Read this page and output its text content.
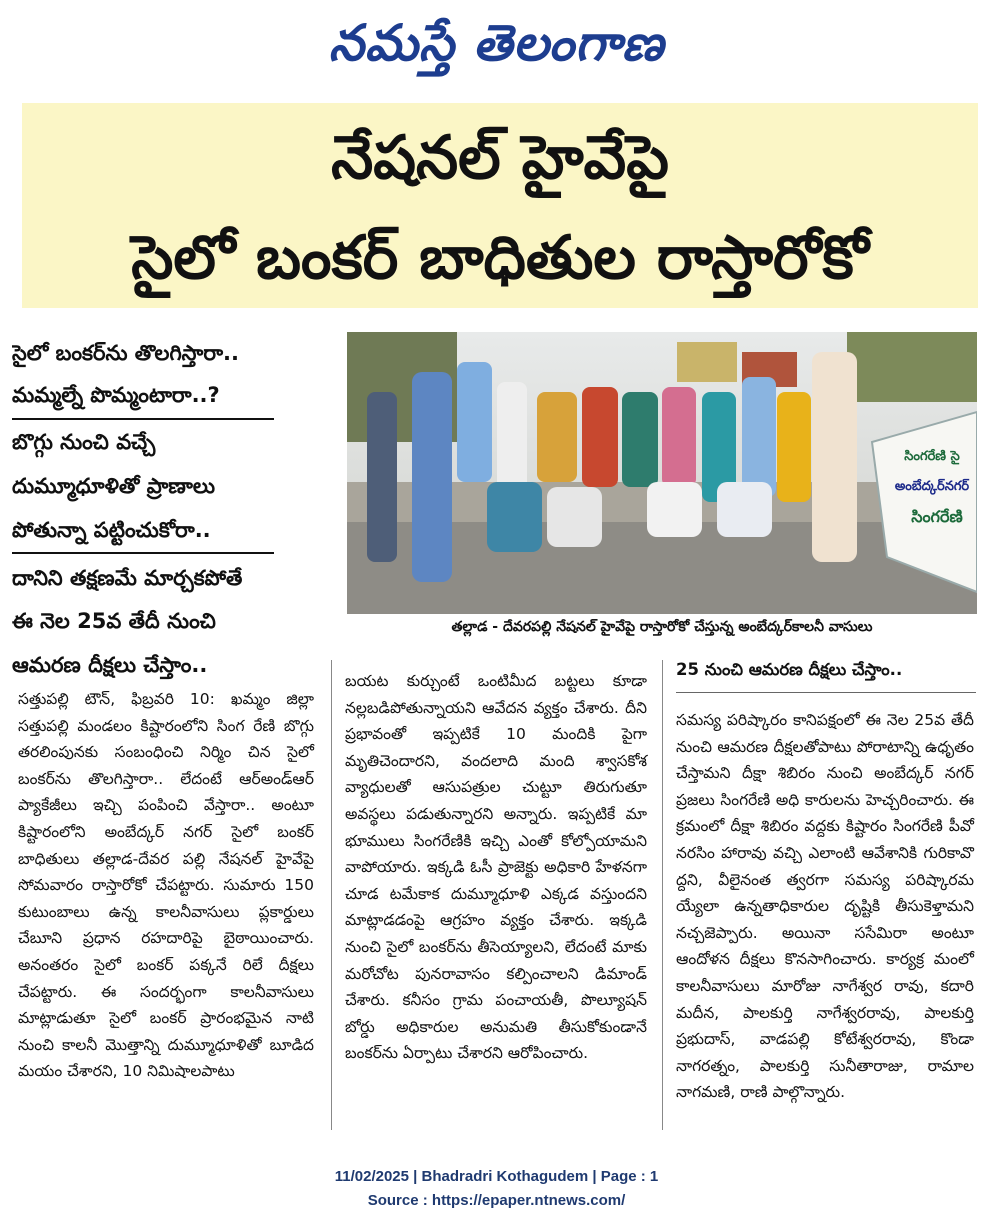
నమస్తే తెలంగాణ
నేషనల్ హైవేపై
సైలో బంకర్ బాధితుల రాస్తారోకో
సైలో బంకర్‌ను తొలగిస్తారా..
మమ్మల్నే పొమ్మంటారా..?
బొగ్గు నుంచి వచ్చే
దుమ్మూధూళితో ప్రాణాలు
పోతున్నా పట్టించుకోరా..
దానిని తక్షణమే మార్చకపోతే
ఈ నెల 25వ తేదీ నుంచి
ఆమరణ దీక్షలు చేస్తాం..
సింగరేణి సై
అంబేద్కర్‌నగర్
సింగరేణి
తల్లాడ - దేవరపల్లి నేషనల్ హైవేపై రాస్తారోకో చేస్తున్న అంబేద్కర్‌కాలనీ వాసులు
సత్తుపల్లి టౌన్, ఫిబ్రవరి 10: ఖమ్మం జిల్లా సత్తుపల్లి మండలం కిష్టారంలోని సింగ రేణి బొగ్గు తరలింపునకు సంబంధించి నిర్మిం చిన సైలో బంకర్‌ను తొలగిస్తారా.. లేదంటే ఆర్‌అండ్‌ఆర్ ప్యాకేజీలు ఇచ్చి పంపించి వేస్తారా.. అంటూ కిష్టారంలోని అంబేద్కర్ నగర్ సైలో బంకర్ బాధితులు తల్లాడ-దేవర పల్లి నేషనల్ హైవేపై సోమవారం రాస్తారోకో చేపట్టారు. సుమారు 150 కుటుంబాలు ఉన్న కాలనీవాసులు ప్లకార్డులు చేబూని ప్రధాన రహదారిపై బైఠాయించారు. అనంతరం సైలో బంకర్ పక్కనే రిలే దీక్షలు చేపట్టారు. ఈ సందర్భంగా కాలనీవాసులు మాట్లాడుతూ సైలో బంకర్ ప్రారంభమైన నాటి నుంచి కాలనీ మొత్తాన్ని దుమ్మూధూళితో బూడిద మయం చేశారని, 10 నిమిషాలపాటు
బయట కుర్చుంటే ఒంటిమీద బట్టలు కూడా నల్లబడిపోతున్నాయని ఆవేదన వ్యక్తం చేశారు. దీని ప్రభావంతో ఇప్పటికే 10 మందికి పైగా మృతిచెందారని, వందలాది మంది శ్వాసకోశ వ్యాధులతో ఆసుపత్రుల చుట్టూ తిరుగుతూ అవస్థలు పడుతున్నారని అన్నారు. ఇప్పటికే మా భూములు సింగరేణికి ఇచ్చి ఎంతో కోల్పోయామని వాపోయారు. ఇక్కడి ఓసీ ప్రాజెక్టు అధికారి హేళనగా చూడ టమేకాక దుమ్మూధూళి ఎక్కడ వస్తుందని మాట్లాడడంపై ఆగ్రహం వ్యక్తం చేశారు. ఇక్కడి నుంచి సైలో బంకర్‌ను తీసెయ్యాలని, లేదంటే మాకు మరోచోట పునరావాసం కల్పించాలని డిమాండ్ చేశారు. కనీసం గ్రామ పంచాయతీ, పొల్యూషన్ బోర్డు అధికారుల అనుమతి తీసుకోకుండానే బంకర్‌ను ఏర్పాటు చేశారని ఆరోపించారు.
25 నుంచి ఆమరణ దీక్షలు చేస్తాం..
సమస్య పరిష్కారం కానిపక్షంలో ఈ నెల 25వ తేదీ నుంచి ఆమరణ దీక్షలతోపాటు పోరాటాన్ని ఉధృతం చేస్తామని దీక్షా శిబిరం నుంచి అంబేద్కర్ నగర్ ప్రజలు సింగరేణి అధి కారులను హెచ్చరించారు. ఈ క్రమంలో దీక్షా శిబిరం వద్దకు కిష్టారం సింగరేణి పీవో నరసిం హారావు వచ్చి ఎలాంటి ఆవేశానికి గురికావొ ద్దని, వీలైనంత త్వరగా సమస్య పరిష్కారమ య్యేలా ఉన్నతాధికారుల దృష్టికి తీసుకెళ్తామని నచ్చజెప్పారు. అయినా ససేమిరా అంటూ ఆందోళన దీక్షలు కొనసాగించారు. కార్యక్ర మంలో కాలనీవాసులు మారోజు నాగేశ్వర రావు, కదారి మదీన, పాలకుర్తి నాగేశ్వరరావు, పాలకుర్తి ప్రభుదాస్, వాడపల్లి కోటేశ్వరరావు, కొండా నాగరత్నం, పాలకుర్తి సునీతారాజు, రామాల నాగమణి, రాణి పాల్గొన్నారు.
11/02/2025 | Bhadradri Kothagudem | Page : 1
Source : https://epaper.ntnews.com/
